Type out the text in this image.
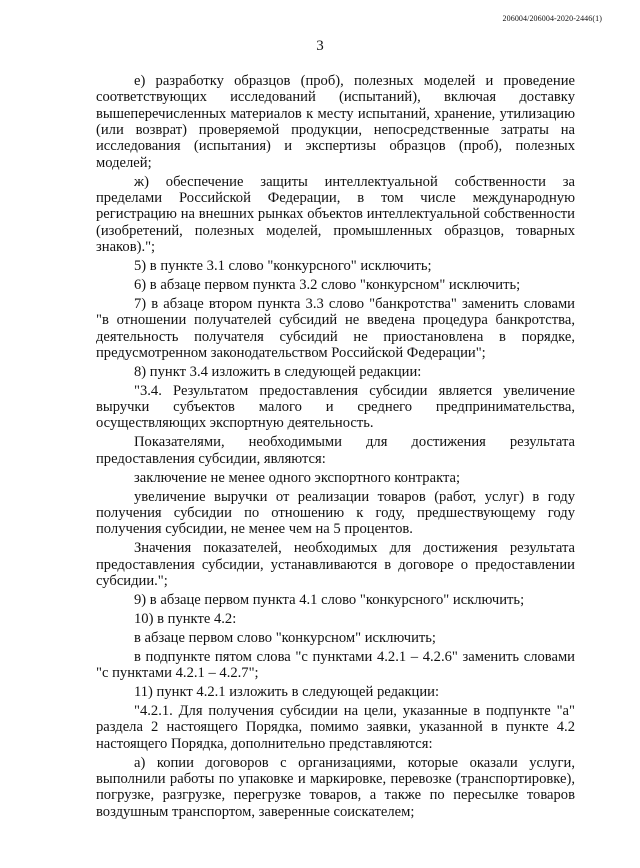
206004/206004-2020-2446(1)
3

е) разработку образцов (проб), полезных моделей и проведение соответствующих исследований (испытаний), включая доставку вышеперечисленных материалов к месту испытаний, хранение, утилизацию (или возврат) проверяемой продукции, непосредственные затраты на исследования (испытания) и экспертизы образцов (проб), полезных моделей;

ж) обеспечение защиты интеллектуальной собственности за пределами Российской Федерации, в том числе международную регистрацию на внешних рынках объектов интеллектуальной собственности (изобретений, полезных моделей, промышленных образцов, товарных знаков).";

5) в пункте 3.1 слово "конкурсного" исключить;

6) в абзаце первом пункта 3.2 слово "конкурсном" исключить;

7) в абзаце втором пункта 3.3 слово "банкротства" заменить словами "в отношении получателей субсидий не введена процедура банкротства, деятельность получателя субсидий не приостановлена в порядке, предусмотренном законодательством Российской Федерации";

8) пункт 3.4 изложить в следующей редакции:

"3.4. Результатом предоставления субсидии является увеличение выручки субъектов малого и среднего предпринимательства, осуществляющих экспортную деятельность.

Показателями, необходимыми для достижения результата предоставления субсидии, являются:

заключение не менее одного экспортного контракта;

увеличение выручки от реализации товаров (работ, услуг) в году получения субсидии по отношению к году, предшествующему году получения субсидии, не менее чем на 5 процентов.

Значения показателей, необходимых для достижения результата предоставления субсидии, устанавливаются в договоре о предоставлении субсидии.";

9) в абзаце первом пункта 4.1 слово "конкурсного" исключить;

10) в пункте 4.2:

в абзаце первом слово "конкурсном" исключить;

в подпункте пятом слова "с пунктами 4.2.1 – 4.2.6" заменить словами "с пунктами 4.2.1 – 4.2.7";

11) пункт 4.2.1 изложить в следующей редакции:

"4.2.1. Для получения субсидии на цели, указанные в подпункте "а" раздела 2 настоящего Порядка, помимо заявки, указанной в пункте 4.2 настоящего Порядка, дополнительно представляются:

а) копии договоров с организациями, которые оказали услуги, выполнили работы по упаковке и маркировке, перевозке (транспортировке), погрузке, разгрузке, перегрузке товаров, а также по пересылке товаров воздушным транспортом, заверенные соискателем;
